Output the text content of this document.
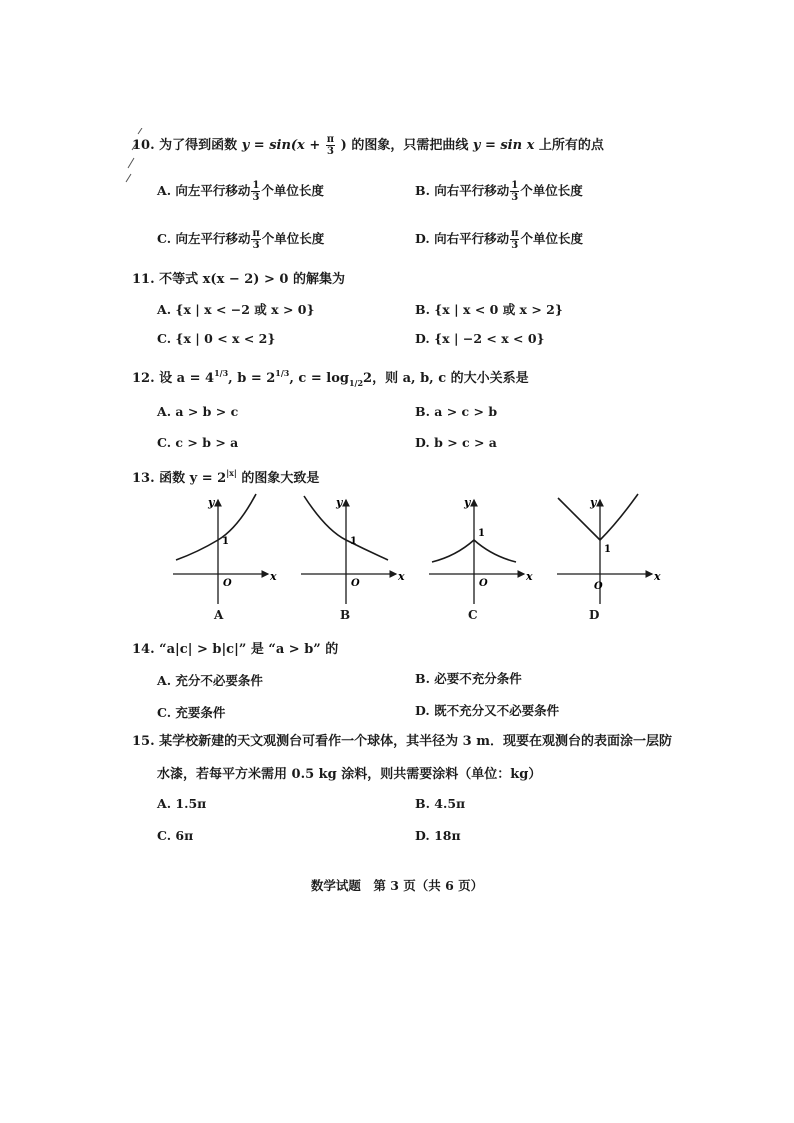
10. 为了得到函数 $y = \sin(x + \frac{\pi}{3}$ ) 的图象，只需把曲线 y = sin x 上所有的点
A. 向左平行移动 $\frac{1}{3}$ 个单位长度	B. 向右平行移动 $\frac{1}{3}$ 个单位长度
C. 向左平行移动 $\frac{\pi}{3}$ 个单位长度	D. 向右平行移动 $\frac{\pi}{3}$ 个单位长度
11. 不等式 x(x − 2) > 0 的解集为
A. {x | x < −2 或 x > 0}	B. {x | x < 0 或 x > 2}
C. {x | 0 < x < 2}	D. {x | −2 < x < 0}
12. 设 $a = 4^{1/3}$, $b = 2^{1/3}$, $c = \log_{1/2}2$，则 a, b, c 的大小关系是
A. a > b > c	B. a > c > b
C. c > b > a	D. b > c > a
13. 函数 $y = 2^{|x|}$ 的图象大致是
y
x
O
1
y
x
O
1
y
x
O
1
y
x
O
1
A	B	C	D
14. “a|c| > b|c|” 是 “a > b” 的
A. 充分不必要条件	B. 必要不充分条件
C. 充要条件	D. 既不充分又不必要条件
15. 某学校新建的天文观测台可看作一个球体，其半径为 3 m．现要在观测台的表面涂一层防
水漆，若每平方米需用 0.5 kg 涂料，则共需要涂料（单位：kg）
A. 1.5π	B. 4.5π
C. 6π	D. 18π
数学试题　第 3 页（共 6 页）
